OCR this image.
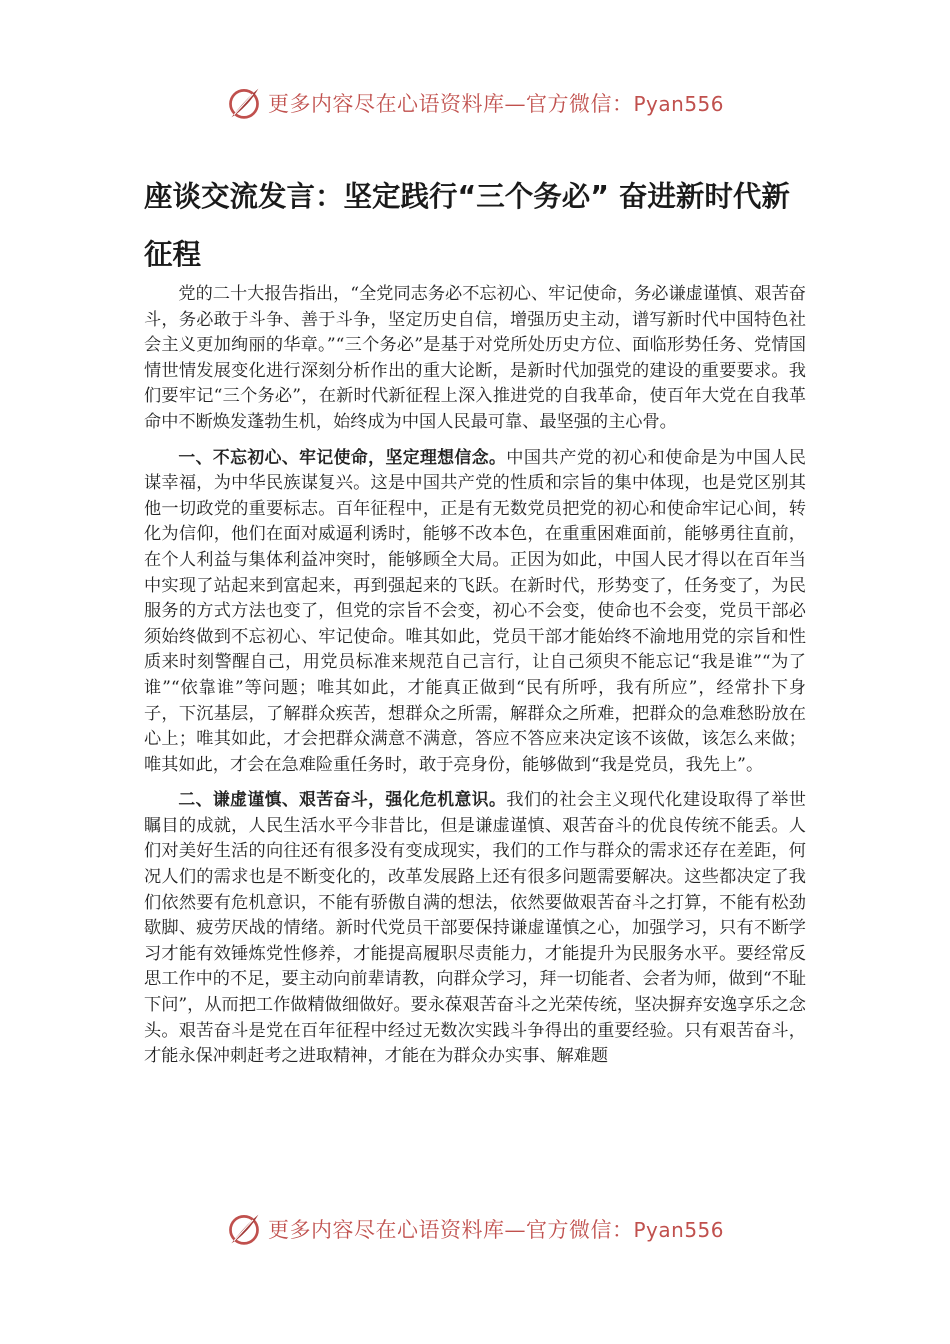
更多内容尽在心语资料库—官方微信：Pyan556
座谈交流发言：坚定践行“三个务必” 奋进新时代新征程

党的二十大报告指出，“全党同志务必不忘初心、牢记使命，务必谦虚谨慎、艰苦奋斗，务必敢于斗争、善于斗争，坚定历史自信，增强历史主动，谱写新时代中国特色社会主义更加绚丽的华章。”“三个务必”是基于对党所处历史方位、面临形势任务、党情国情世情发展变化进行深刻分析作出的重大论断，是新时代加强党的建设的重要要求。我们要牢记“三个务必”，在新时代新征程上深入推进党的自我革命，使百年大党在自我革命中不断焕发蓬勃生机，始终成为中国人民最可靠、最坚强的主心骨。

一、不忘初心、牢记使命，坚定理想信念。中国共产党的初心和使命是为中国人民谋幸福，为中华民族谋复兴。这是中国共产党的性质和宗旨的集中体现，也是党区别其他一切政党的重要标志。百年征程中，正是有无数党员把党的初心和使命牢记心间，转化为信仰，他们在面对威逼利诱时，能够不改本色，在重重困难面前，能够勇往直前，在个人利益与集体利益冲突时，能够顾全大局。正因为如此，中国人民才得以在百年当中实现了站起来到富起来，再到强起来的飞跃。在新时代，形势变了，任务变了，为民服务的方式方法也变了，但党的宗旨不会变，初心不会变，使命也不会变，党员干部必须始终做到不忘初心、牢记使命。唯其如此，党员干部才能始终不渝地用党的宗旨和性质来时刻警醒自己，用党员标准来规范自己言行，让自己须臾不能忘记“我是谁”“为了谁”“依靠谁”等问题；唯其如此，才能真正做到“民有所呼，我有所应”，经常扑下身子，下沉基层，了解群众疾苦，想群众之所需，解群众之所难，把群众的急难愁盼放在心上；唯其如此，才会把群众满意不满意，答应不答应来决定该不该做，该怎么来做；唯其如此，才会在急难险重任务时，敢于亮身份，能够做到“我是党员，我先上”。

二、谦虚谨慎、艰苦奋斗，强化危机意识。我们的社会主义现代化建设取得了举世瞩目的成就，人民生活水平今非昔比，但是谦虚谨慎、艰苦奋斗的优良传统不能丢。人们对美好生活的向往还有很多没有变成现实，我们的工作与群众的需求还存在差距，何况人们的需求也是不断变化的，改革发展路上还有很多问题需要解决。这些都决定了我们依然要有危机意识，不能有骄傲自满的想法，依然要做艰苦奋斗之打算，不能有松劲歇脚、疲劳厌战的情绪。新时代党员干部要保持谦虚谨慎之心，加强学习，只有不断学习才能有效锤炼党性修养，才能提高履职尽责能力，才能提升为民服务水平。要经常反思工作中的不足，要主动向前辈请教，向群众学习，拜一切能者、会者为师，做到“不耻下问”，从而把工作做精做细做好。要永葆艰苦奋斗之光荣传统，坚决摒弃安逸享乐之念头。艰苦奋斗是党在百年征程中经过无数次实践斗争得出的重要经验。只有艰苦奋斗，才能永保冲刺赶考之进取精神，才能在为群众办实事、解难题

更多内容尽在心语资料库—官方微信：Pyan556
